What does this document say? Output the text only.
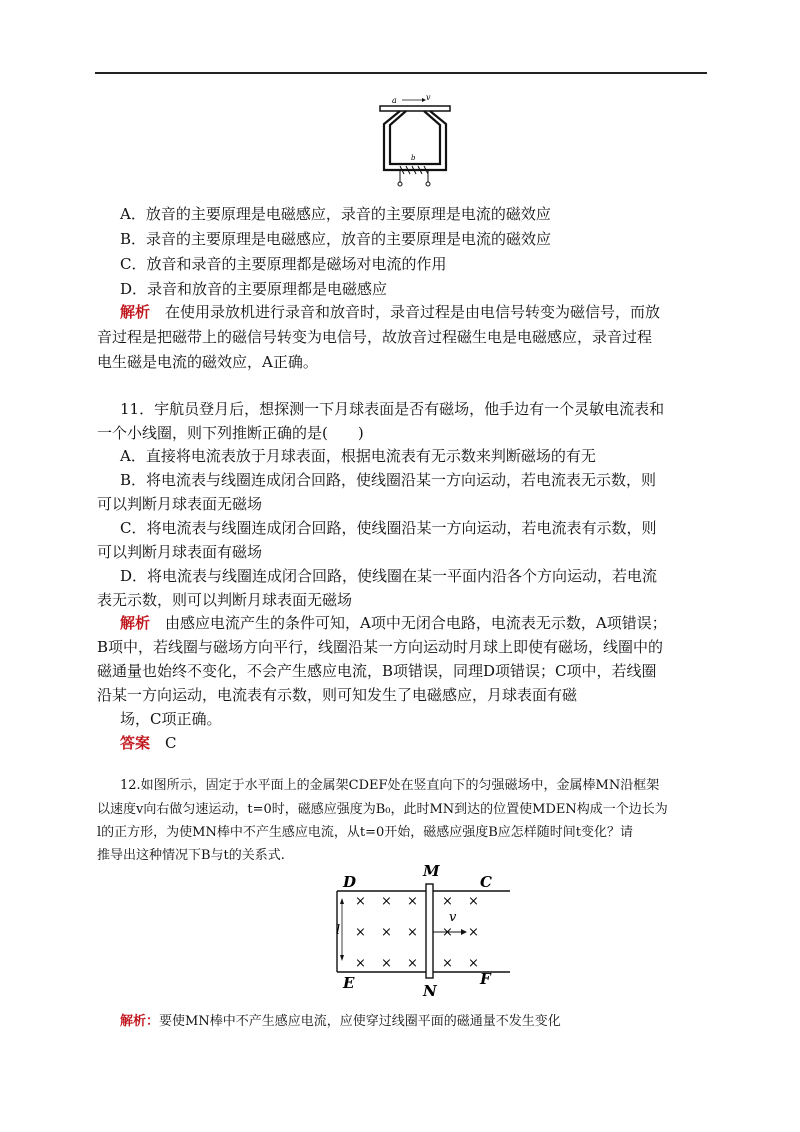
a	v
b
A．放音的主要原理是电磁感应，录音的主要原理是电流的磁效应
B．录音的主要原理是电磁感应，放音的主要原理是电流的磁效应
C．放音和录音的主要原理都是磁场对电流的作用
D．录音和放音的主要原理都是电磁感应
解析　 在使用录放机进行录音和放音时，录音过程是由电信号转变为磁信号，而放
音过程是把磁带上的磁信号转变为电信号，故放音过程磁生电是电磁感应，录音过程
电生磁是电流的磁效应，A正确。
11．宇航员登月后，想探测一下月球表面是否有磁场，他手边有一个灵敏电流表和
一个小线圈，则下列推断正确的是(　　)
A．直接将电流表放于月球表面，根据电流表有无示数来判断磁场的有无
B．将电流表与线圈连成闭合回路，使线圈沿某一方向运动，若电流表无示数，则
可以判断月球表面无磁场
C．将电流表与线圈连成闭合回路，使线圈沿某一方向运动，若电流表有示数，则
可以判断月球表面有磁场
D．将电流表与线圈连成闭合回路，使线圈在某一平面内沿各个方向运动，若电流
表无示数，则可以判断月球表面无磁场
解析　 由感应电流产生的条件可知，A项中无闭合电路，电流表无示数，A项错误；
B项中，若线圈与磁场方向平行，线圈沿某一方向运动时月球上即使有磁场，线圈中的
磁通量也始终不变化，不会产生感应电流，B项错误，同理D项错误；C项中，若线圈
沿某一方向运动，电流表有示数，则可知发生了电磁感应，月球表面有磁
场，C项正确。
答案　 C
12.如图所示，固定于水平面上的金属架CDEF处在竖直向下的匀强磁场中，金属棒MN沿框架
以速度v向右做匀速运动，t=0时，磁感应强度为B₀，此时MN到达的位置使MDEN构成一个边长为
l的正方形，为使MN棒中不产生感应电流，从t=0开始，磁感应强度B应怎样随时间t变化？请
推导出这种情况下B与t的关系式.
D
M
C
l
× × × × ×
× × × × ×
× × × × ×
v
E	N
F
解析：要使MN棒中不产生感应电流，应使穿过线圈平面的磁通量不发生变化
